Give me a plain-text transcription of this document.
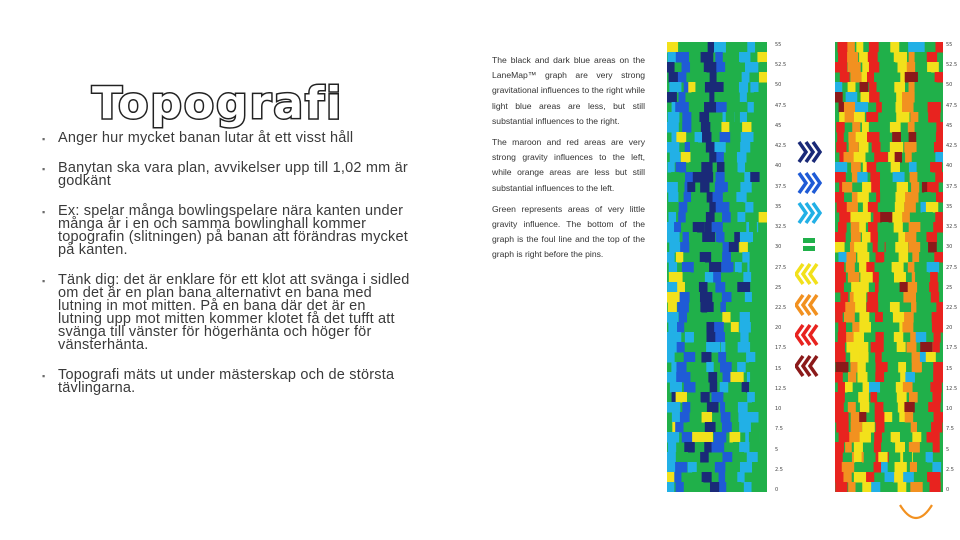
Topografi
▪ Anger hur mycket banan lutar åt ett visst håll
▪ Banytan ska vara plan, avvikelser upp till 1,02 mm är godkänt
▪ Ex: spelar många bowlingspelare nära kanten under många år i en och samma bowlinghall kommer topografin (slitningen) på banan att förändras mycket på kanten.
▪ Tänk dig: det är enklare för ett klot att svänga i sidled om det är en plan bana alternativt en bana med lutning in mot mitten. På en bana där det är en lutning upp mot mitten kommer klotet få det tufft att svänga till vänster för högerhänta och höger för vänsterhänta.
▪ Topografi mäts ut under mästerskap och de största tävlingarna.

The black and dark blue areas on the LaneMap™ graph are very strong gravitational influences to the right while light blue areas are less, but still substantial influences to the right.

The maroon and red areas are very strong gravity influences to the left, while orange areas are less but still substantial influences to the left.

Green represents areas of very little gravity influence. The bottom of the graph is the foul line and the top of the graph is right before the pins.

55
52.5
50
47.5
45
42.5
40
37.5
35
32.5
30
27.5
25
22.5
20
17.5
15
12.5
10
7.5
5
2.5
0
55
52.5
50
47.5
45
42.5
40
37.5
35
32.5
30
27.5
25
22.5
20
17.5
15
12.5
10
7.5
5
2.5
0
